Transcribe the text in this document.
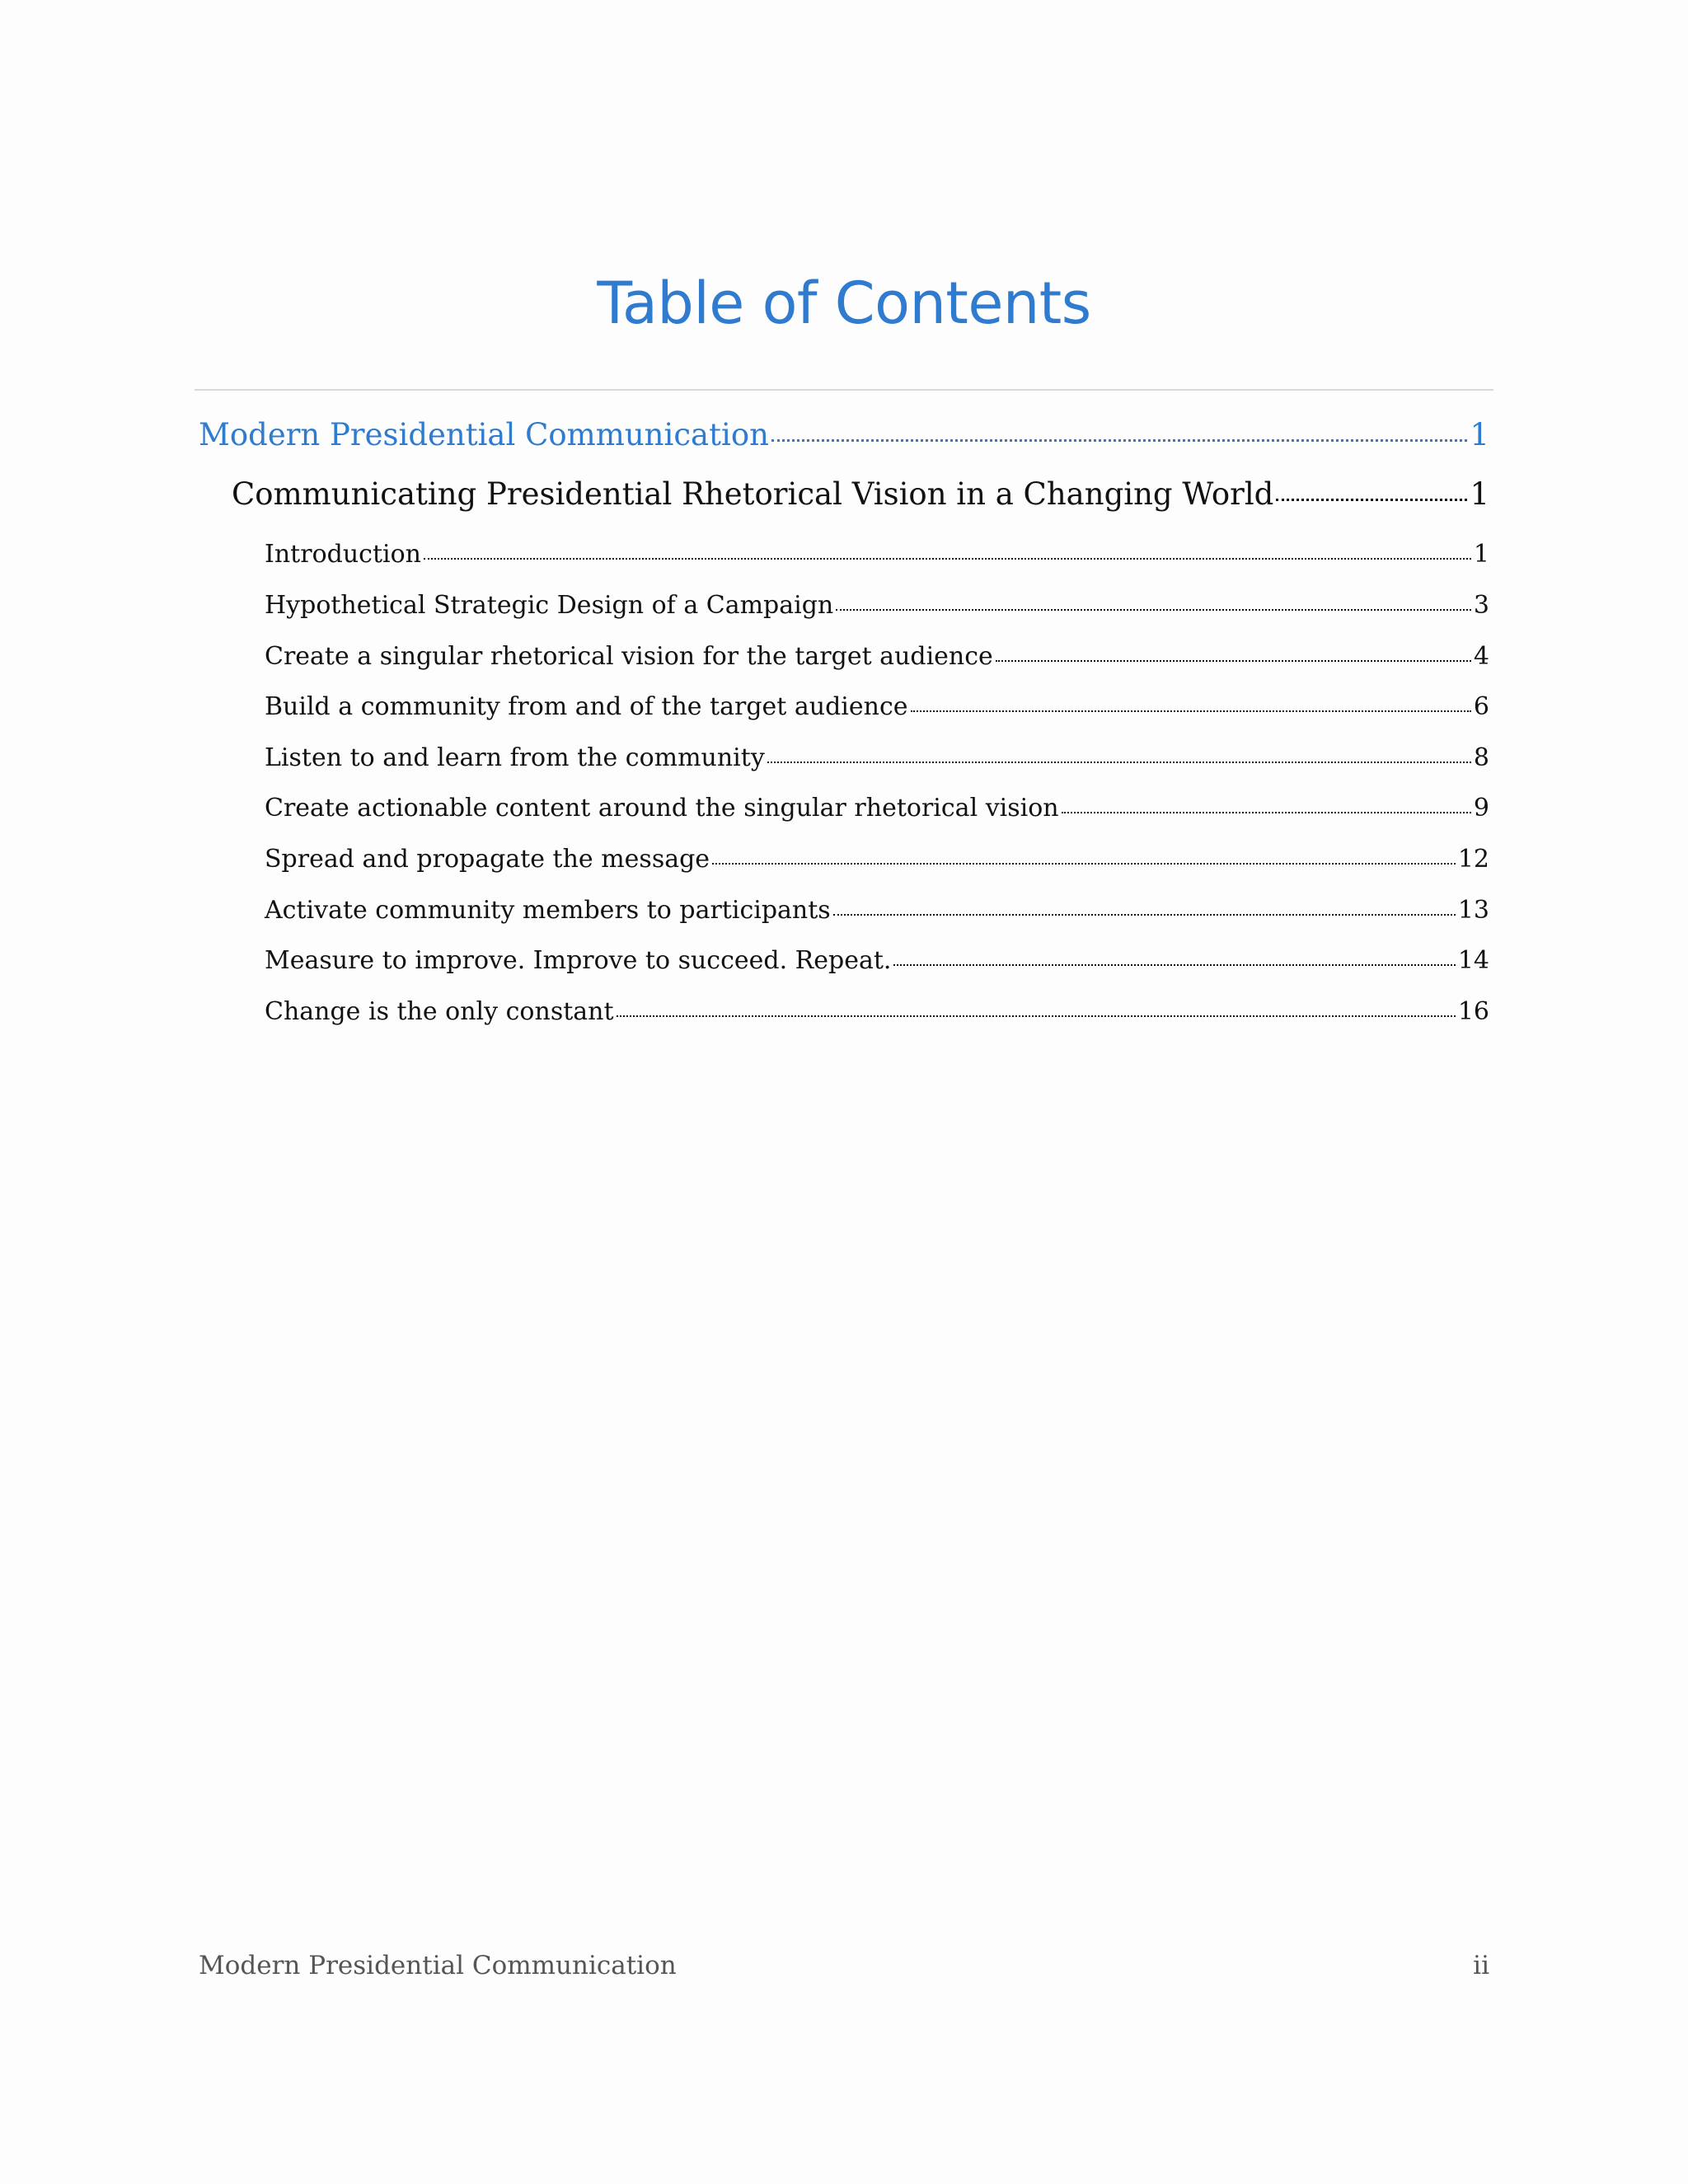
Table of Contents
Modern Presidential Communication	1
Communicating Presidential Rhetorical Vision in a Changing World	1
Introduction	1
Hypothetical Strategic Design of a Campaign	3
Create a singular rhetorical vision for the target audience	4
Build a community from and of the target audience	6
Listen to and learn from the community	8
Create actionable content around the singular rhetorical vision	9
Spread and propagate the message	12
Activate community members to participants	13
Measure to improve. Improve to succeed. Repeat.	14
Change is the only constant	16
Modern Presidential Communication	ii
